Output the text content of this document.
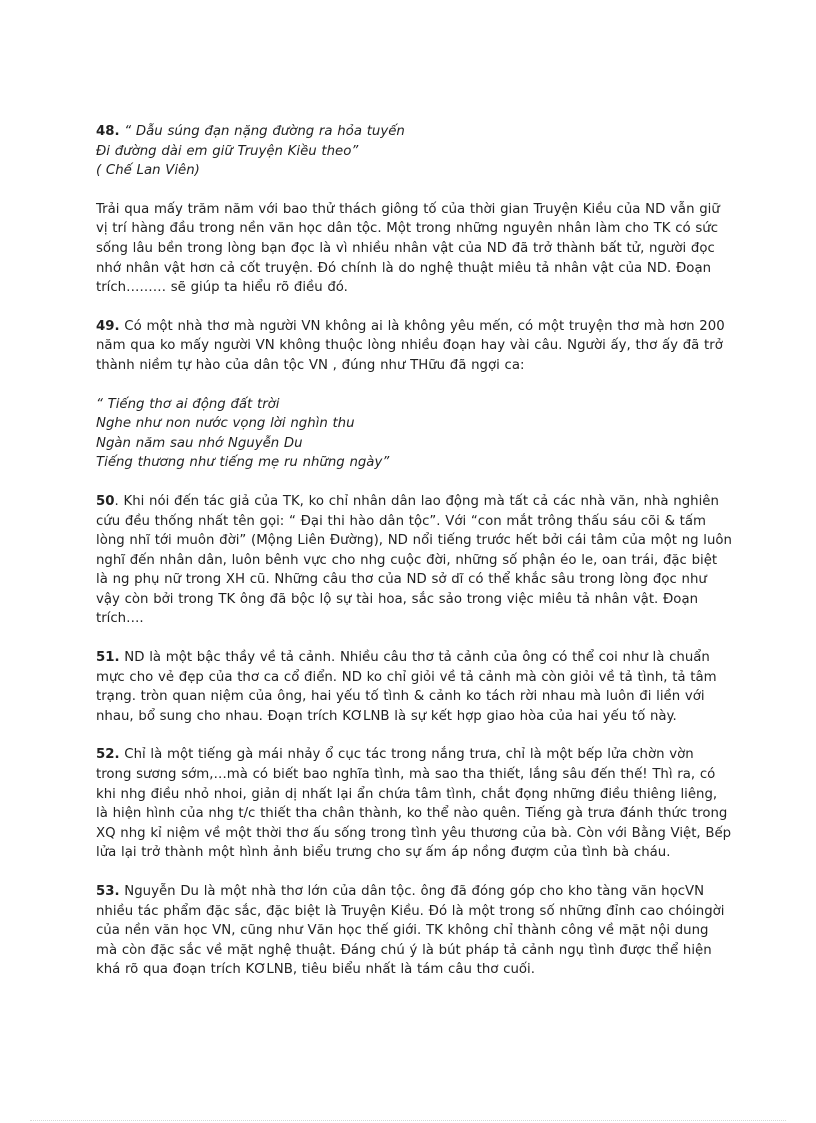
48. “ Dẫu súng đạn nặng đường ra hỏa tuyến

Đi đường dài em giữ Truyện Kiều theo”

( Chế Lan Viên)

Trải qua mấy trăm năm với bao thử thách giông tố của thời gian Truyện Kiều của ND vẫn giữ vị trí hàng đầu trong nền văn học dân tộc. Một trong những nguyên nhân làm cho TK có sức sống lâu bền trong lòng bạn đọc là vì nhiều nhân vật của ND đã trở thành bất tử, người đọc nhớ nhân vật hơn cả cốt truyện. Đó chính là do nghệ thuật miêu tả nhân vật của ND. Đoạn trích……… sẽ giúp ta hiểu rõ điều đó.

49. Có một nhà thơ mà người VN không ai là không yêu mến, có một truyện thơ mà hơn 200 năm qua ko mấy người VN không thuộc lòng nhiều đoạn hay vài câu. Người ấy, thơ ấy đã trở thành niềm tự hào của dân tộc VN , đúng như THữu đã ngợi ca:

“ Tiếng thơ ai động đất trời

Nghe như non nước vọng lời nghìn thu

Ngàn năm sau nhớ Nguyễn Du

Tiếng thương như tiếng mẹ ru những ngày”

50. Khi nói đến tác giả của TK, ko chỉ nhân dân lao động mà tất cả các nhà văn, nhà nghiên cứu đều thống nhất tên gọi: “ Đại thi hào dân tộc”. Với “con mắt trông thấu sáu cõi & tấm lòng nhĩ tới muôn đời” (Mộng Liên Đường), ND nổi tiếng trước hết bởi cái tâm của một ng luôn nghĩ đến nhân dân, luôn bênh vực cho nhg cuộc đời, những số phận éo le, oan trái, đặc biệt là ng phụ nữ trong XH cũ. Những câu thơ của ND sở dĩ có thể khắc sâu trong lòng đọc như vậy còn bởi trong TK ông đã bộc lộ sự tài hoa, sắc sảo trong việc miêu tả nhân vật. Đoạn trích….

51. ND là một bậc thầy về tả cảnh. Nhiều câu thơ tả cảnh của ông có thể coi như là chuẩn mực cho vẻ đẹp của thơ ca cổ điển. ND ko chỉ giỏi về tả cảnh mà còn giỏi về tả tình, tả tâm trạng. tròn quan niệm của ông, hai yếu tố tình & cảnh ko tách rời nhau mà luôn đi liền với nhau, bổ sung cho nhau. Đoạn trích KƠLNB là sự kết hợp giao hòa của hai yếu tố này.

52. Chỉ là một tiếng gà mái nhảy ổ cục tác trong nắng trưa, chỉ là một bếp lửa chờn vờn trong sương sớm,…mà có biết bao nghĩa tình, mà sao tha thiết, lắng sâu đến thế! Thì ra, có khi nhg điều nhỏ nhoi, giản dị nhất lại ẩn chứa tâm tình, chắt đọng những điều thiêng liêng, là hiện hình của nhg t/c thiết tha chân thành, ko thể nào quên. Tiếng gà trưa đánh thức trong XQ nhg kỉ niệm về một thời thơ ấu sống trong tình yêu thương của bà. Còn với Bằng Việt, Bếp lửa lại trở thành một hình ảnh biểu trưng cho sự ấm áp nồng đượm của tình bà cháu.

53. Nguyễn Du là một nhà thơ lớn của dân tộc. ông đã đóng góp cho kho tàng văn họcVN nhiều tác phẩm đặc sắc, đặc biệt là Truyện Kiều. Đó là một trong số những đỉnh cao chóingời của nền văn học VN, cũng như Văn học thế giới. TK không chỉ thành công về mặt nội dung mà còn đặc sắc về mặt nghệ thuật. Đáng chú ý là bút pháp tả cảnh ngụ tình được thể hiện khá rõ qua đoạn trích KƠLNB, tiêu biểu nhất là tám câu thơ cuối.
